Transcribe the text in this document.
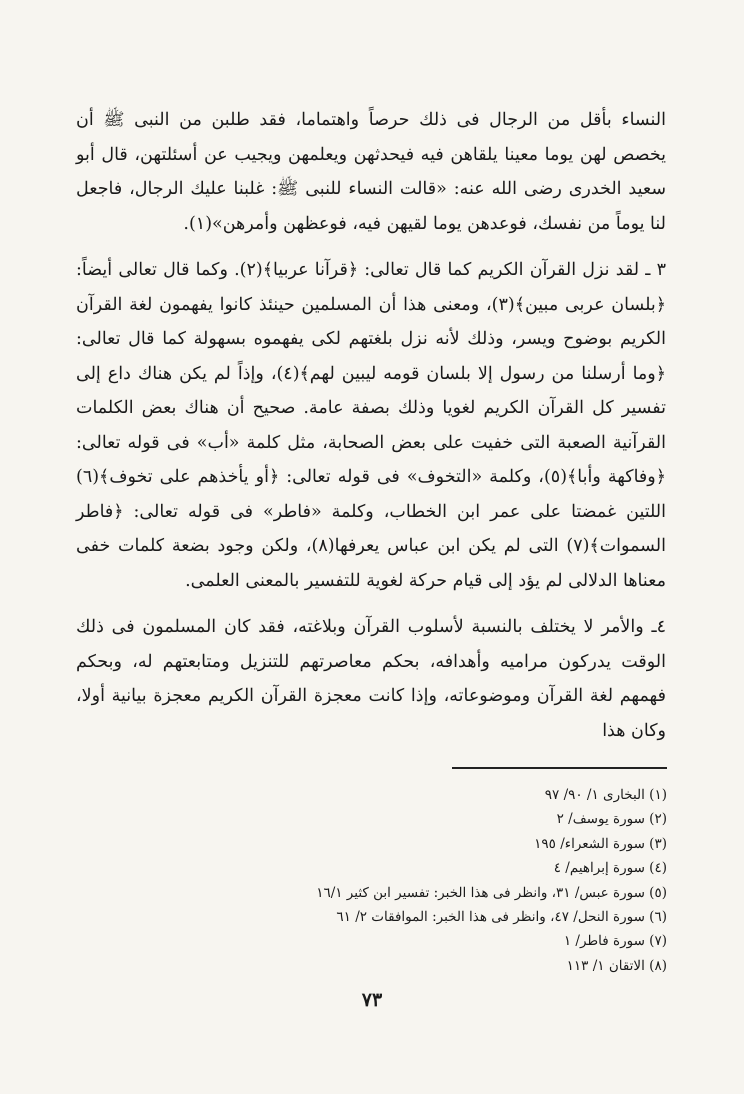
النساء بأقل من الرجال فى ذلك حرصاً واهتماما، فقد طلبن من النبى ﷺ أن يخصص لهن يوما معينا يلقاهن فيه فيحدثهن ويعلمهن ويجيب عن أسئلتهن، قال أبو سعيد الخدرى رضى الله عنه: «قالت النساء للنبى ﷺ: غلبنا عليك الرجال، فاجعل لنا يوماً من نفسك، فوعدهن يوما لقيهن فيه، فوعظهن وأمرهن»(١).

٣ ـ لقد نزل القرآن الكريم كما قال تعالى: ﴿قرآنا عربيا﴾(٢). وكما قال تعالى أيضاً: ﴿بلسان عربى مبين﴾(٣)، ومعنى هذا أن المسلمين حينئذ كانوا يفهمون لغة القرآن الكريم بوضوح ويسر، وذلك لأنه نزل بلغتهم لكى يفهموه بسهولة كما قال تعالى: ﴿وما أرسلنا من رسول إلا بلسان قومه ليبين لهم﴾(٤)، وإذاً لم يكن هناك داع إلى تفسير كل القرآن الكريم لغويا وذلك بصفة عامة. صحيح أن هناك بعض الكلمات القرآنية الصعبة التى خفيت على بعض الصحابة، مثل كلمة «أب» فى قوله تعالى: ﴿وفاكهة وأبا﴾(٥)، وكلمة «التخوف» فى قوله تعالى: ﴿أو يأخذهم على تخوف﴾(٦) اللتين غمضتا على عمر ابن الخطاب، وكلمة «فاطر» فى قوله تعالى: ﴿فاطر السموات﴾(٧) التى لم يكن ابن عباس يعرفها(٨)، ولكن وجود بضعة كلمات خفى معناها الدلالى لم يؤد إلى قيام حركة لغوية للتفسير بالمعنى العلمى.

٤ـ والأمر لا يختلف بالنسبة لأسلوب القرآن وبلاغته، فقد كان المسلمون فى ذلك الوقت يدركون مراميه وأهدافه، بحكم معاصرتهم للتنزيل ومتابعتهم له، وبحكم فهمهم لغة القرآن وموضوعاته، وإذا كانت معجزة القرآن الكريم معجزة بيانية أولا، وكان هذا

(١) البخارى ١/ ٩٠/ ٩٧
(٢) سورة يوسف/ ٢
(٣) سورة الشعراء/ ١٩٥
(٤) سورة إبراهيم/ ٤
(٥) سورة عبس/ ٣١، وانظر فى هذا الخبر: تفسير ابن كثير ١٦/١
(٦) سورة النحل/ ٤٧، وانظر فى هذا الخبر: الموافقات ٢/ ٦١
(٧) سورة فاطر/ ١
(٨) الاتقان ١/ ١١٣
٧٣
